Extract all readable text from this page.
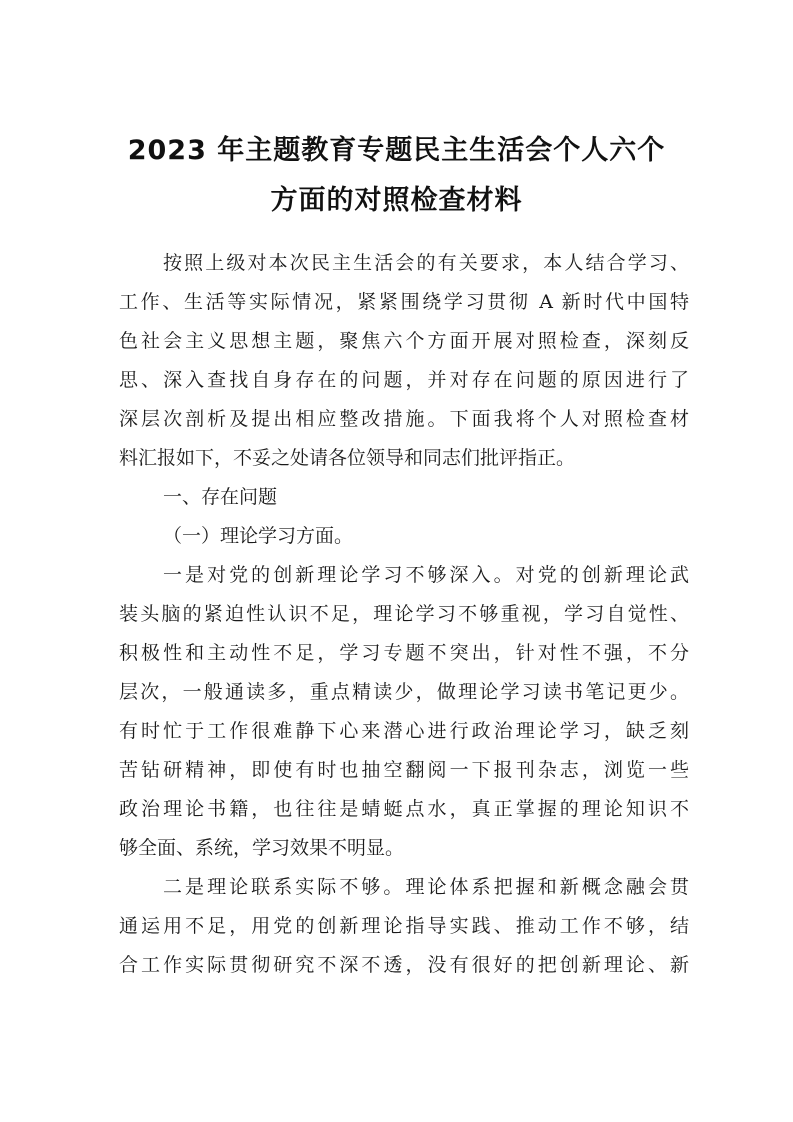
2023 年主题教育专题民主生活会个人六个
方面的对照检查材料
按照上级对本次民主生活会的有关要求，本人结合学习、
工作、生活等实际情况，紧紧围绕学习贯彻 A 新时代中国特
色社会主义思想主题，聚焦六个方面开展对照检查，深刻反
思、深入查找自身存在的问题，并对存在问题的原因进行了
深层次剖析及提出相应整改措施。下面我将个人对照检查材
料汇报如下，不妥之处请各位领导和同志们批评指正。
一、存在问题
（一）理论学习方面。
一是对党的创新理论学习不够深入。对党的创新理论武
装头脑的紧迫性认识不足，理论学习不够重视，学习自觉性、
积极性和主动性不足，学习专题不突出，针对性不强，不分
层次，一般通读多，重点精读少，做理论学习读书笔记更少。
有时忙于工作很难静下心来潜心进行政治理论学习，缺乏刻
苦钻研精神，即使有时也抽空翻阅一下报刊杂志，浏览一些
政治理论书籍，也往往是蜻蜓点水，真正掌握的理论知识不
够全面、系统，学习效果不明显。
二是理论联系实际不够。理论体系把握和新概念融会贯
通运用不足，用党的创新理论指导实践、推动工作不够，结
合工作实际贯彻研究不深不透，没有很好的把创新理论、新
